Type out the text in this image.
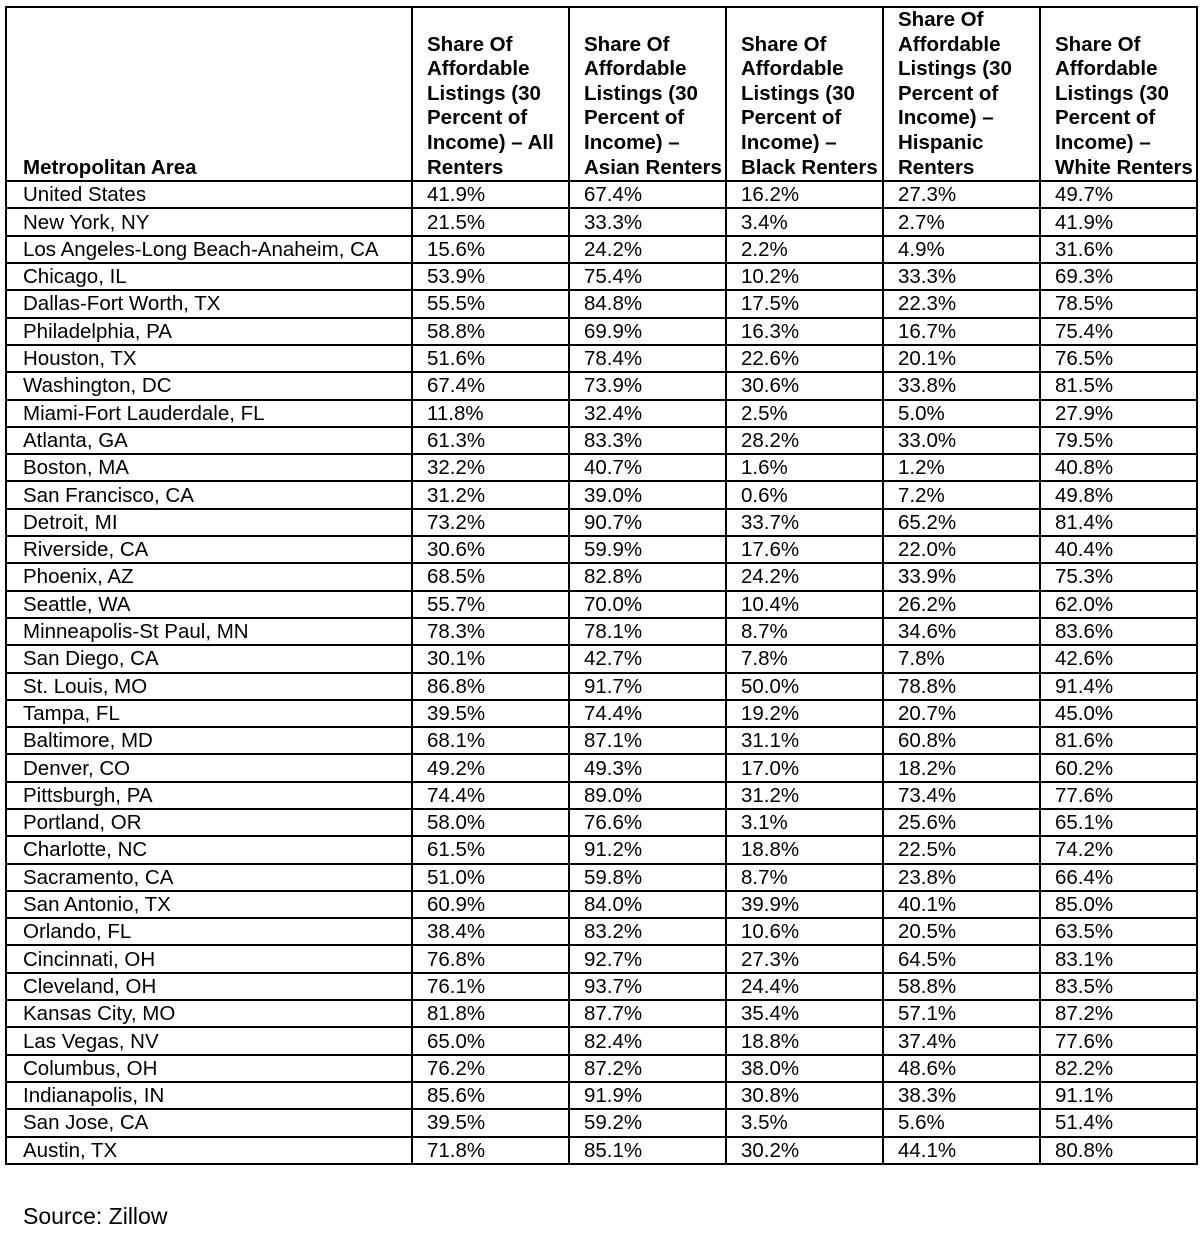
Metropolitan Area	Share Of Affordable Listings (30 Percent of Income) – All Renters	Share Of Affordable Listings (30 Percent of Income) – Asian Renters	Share Of Affordable Listings (30 Percent of Income) – Black Renters	Share Of Affordable Listings (30 Percent of Income) – Hispanic Renters	Share Of Affordable Listings (30 Percent of Income) – White Renters
United States	41.9%	67.4%	16.2%	27.3%	49.7%
New York, NY	21.5%	33.3%	3.4%	2.7%	41.9%
Los Angeles-Long Beach-Anaheim, CA	15.6%	24.2%	2.2%	4.9%	31.6%
Chicago, IL	53.9%	75.4%	10.2%	33.3%	69.3%
Dallas-Fort Worth, TX	55.5%	84.8%	17.5%	22.3%	78.5%
Philadelphia, PA	58.8%	69.9%	16.3%	16.7%	75.4%
Houston, TX	51.6%	78.4%	22.6%	20.1%	76.5%
Washington, DC	67.4%	73.9%	30.6%	33.8%	81.5%
Miami-Fort Lauderdale, FL	11.8%	32.4%	2.5%	5.0%	27.9%
Atlanta, GA	61.3%	83.3%	28.2%	33.0%	79.5%
Boston, MA	32.2%	40.7%	1.6%	1.2%	40.8%
San Francisco, CA	31.2%	39.0%	0.6%	7.2%	49.8%
Detroit, MI	73.2%	90.7%	33.7%	65.2%	81.4%
Riverside, CA	30.6%	59.9%	17.6%	22.0%	40.4%
Phoenix, AZ	68.5%	82.8%	24.2%	33.9%	75.3%
Seattle, WA	55.7%	70.0%	10.4%	26.2%	62.0%
Minneapolis-St Paul, MN	78.3%	78.1%	8.7%	34.6%	83.6%
San Diego, CA	30.1%	42.7%	7.8%	7.8%	42.6%
St. Louis, MO	86.8%	91.7%	50.0%	78.8%	91.4%
Tampa, FL	39.5%	74.4%	19.2%	20.7%	45.0%
Baltimore, MD	68.1%	87.1%	31.1%	60.8%	81.6%
Denver, CO	49.2%	49.3%	17.0%	18.2%	60.2%
Pittsburgh, PA	74.4%	89.0%	31.2%	73.4%	77.6%
Portland, OR	58.0%	76.6%	3.1%	25.6%	65.1%
Charlotte, NC	61.5%	91.2%	18.8%	22.5%	74.2%
Sacramento, CA	51.0%	59.8%	8.7%	23.8%	66.4%
San Antonio, TX	60.9%	84.0%	39.9%	40.1%	85.0%
Orlando, FL	38.4%	83.2%	10.6%	20.5%	63.5%
Cincinnati, OH	76.8%	92.7%	27.3%	64.5%	83.1%
Cleveland, OH	76.1%	93.7%	24.4%	58.8%	83.5%
Kansas City, MO	81.8%	87.7%	35.4%	57.1%	87.2%
Las Vegas, NV	65.0%	82.4%	18.8%	37.4%	77.6%
Columbus, OH	76.2%	87.2%	38.0%	48.6%	82.2%
Indianapolis, IN	85.6%	91.9%	30.8%	38.3%	91.1%
San Jose, CA	39.5%	59.2%	3.5%	5.6%	51.4%
Austin, TX	71.8%	85.1%	30.2%	44.1%	80.8%
Source: Zillow
